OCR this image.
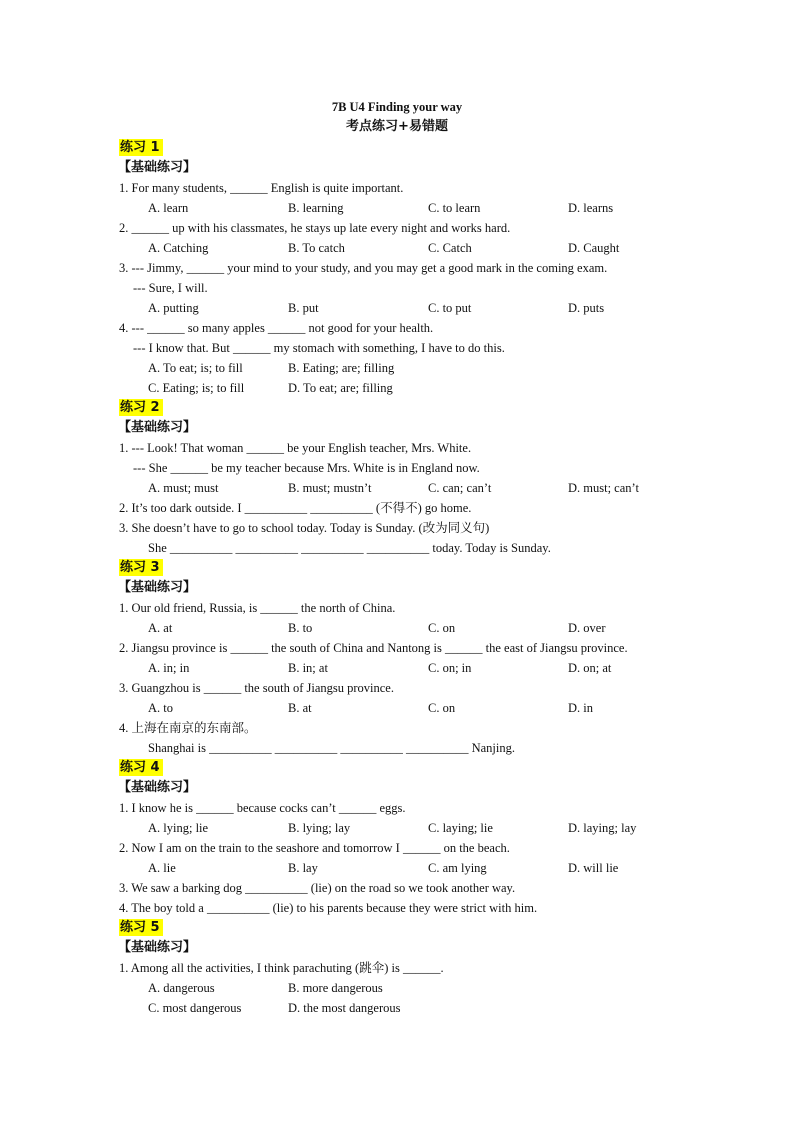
7B U4 Finding your way
考点练习+易错题
练习 1
【基础练习】
1. For many students, ______ English is quite important.
A. learn	B. learning	C. to learn	D. learns
2. ______ up with his classmates, he stays up late every night and works hard.
A. Catching	B. To catch	C. Catch	D. Caught
3. --- Jimmy, ______ your mind to your study, and you may get a good mark in the coming exam.
--- Sure, I will.
A. putting	B. put	C. to put	D. puts
4. --- ______ so many apples ______ not good for your health.
--- I know that. But ______ my stomach with something, I have to do this.
A. To eat; is; to fill	B. Eating; are; filling
C. Eating; is; to fill	D. To eat; are; filling
练习 2
【基础练习】
1. --- Look! That woman ______ be your English teacher, Mrs. White.
--- She ______ be my teacher because Mrs. White is in England now.
A. must; must	B. must; mustn’t	C. can; can’t	D. must; can’t
2. It’s too dark outside. I __________ __________ (不得不) go home.
3. She doesn’t have to go to school today. Today is Sunday. (改为同义句)
She __________ __________ __________ __________ today. Today is Sunday.
练习 3
【基础练习】
1. Our old friend, Russia, is ______ the north of China.
A. at	B. to	C. on	D. over
2. Jiangsu province is ______ the south of China and Nantong is ______ the east of Jiangsu province.
A. in; in	B. in; at	C. on; in	D. on; at
3. Guangzhou is ______ the south of Jiangsu province.
A. to	B. at	C. on	D. in
4. 上海在南京的东南部。
Shanghai is __________ __________ __________ __________ Nanjing.
练习 4
【基础练习】
1. I know he is ______ because cocks can’t ______ eggs.
A. lying; lie	B. lying; lay	C. laying; lie	D. laying; lay
2. Now I am on the train to the seashore and tomorrow I ______ on the beach.
A. lie	B. lay	C. am lying	D. will lie
3. We saw a barking dog __________ (lie) on the road so we took another way.
4. The boy told a __________ (lie) to his parents because they were strict with him.
练习 5
【基础练习】
1. Among all the activities, I think parachuting (跳伞) is ______.
A. dangerous	B. more dangerous
C. most dangerous	D. the most dangerous
